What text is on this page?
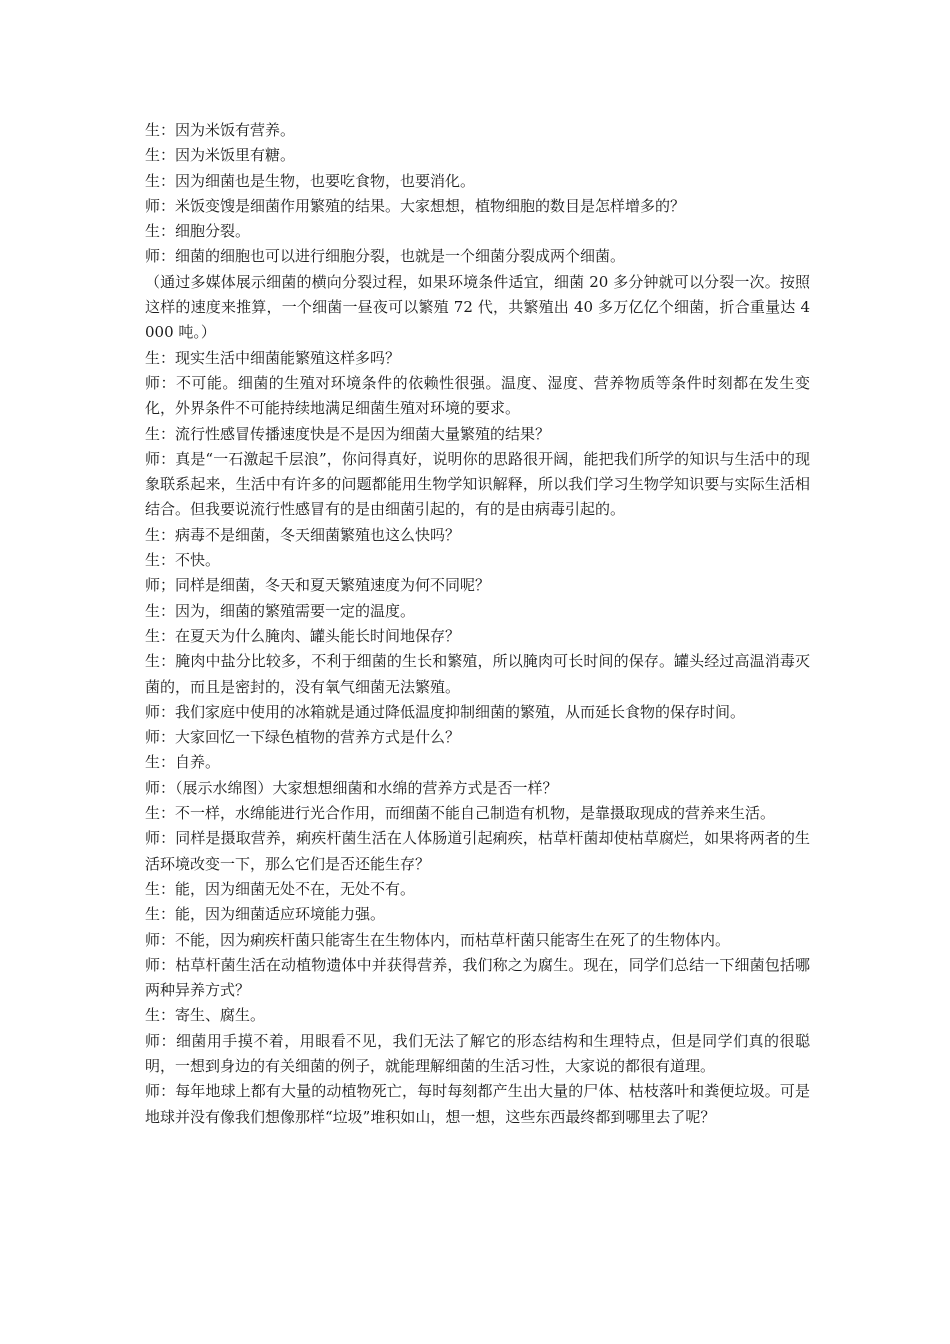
生：因为米饭有营养。

生：因为米饭里有糖。

生：因为细菌也是生物，也要吃食物，也要消化。

师：米饭变馊是细菌作用繁殖的结果。大家想想，植物细胞的数目是怎样增多的？

生：细胞分裂。

师：细菌的细胞也可以进行细胞分裂，也就是一个细菌分裂成两个细菌。

（通过多媒体展示细菌的横向分裂过程，如果环境条件适宜，细菌 20 多分钟就可以分裂一次。按照这样的速度来推算，一个细菌一昼夜可以繁殖 72 代，共繁殖出 40 多万亿亿个细菌，折合重量达 4000 吨。）

生：现实生活中细菌能繁殖这样多吗？

师：不可能。细菌的生殖对环境条件的依赖性很强。温度、湿度、营养物质等条件时刻都在发生变化，外界条件不可能持续地满足细菌生殖对环境的要求。

生：流行性感冒传播速度快是不是因为细菌大量繁殖的结果？

师：真是“一石激起千层浪”，你问得真好，说明你的思路很开阔，能把我们所学的知识与生活中的现象联系起来，生活中有许多的问题都能用生物学知识解释，所以我们学习生物学知识要与实际生活相结合。但我要说流行性感冒有的是由细菌引起的，有的是由病毒引起的。

生：病毒不是细菌，冬天细菌繁殖也这么快吗？

生：不快。

师；同样是细菌，冬天和夏天繁殖速度为何不同呢？

生：因为，细菌的繁殖需要一定的温度。

生：在夏天为什么腌肉、罐头能长时间地保存？

生：腌肉中盐分比较多，不利于细菌的生长和繁殖，所以腌肉可长时间的保存。罐头经过高温消毒灭菌的，而且是密封的，没有氧气细菌无法繁殖。

师：我们家庭中使用的冰箱就是通过降低温度抑制细菌的繁殖，从而延长食物的保存时间。

师：大家回忆一下绿色植物的营养方式是什么？

生：自养。

师：（展示水绵图）大家想想细菌和水绵的营养方式是否一样？

生：不一样，水绵能进行光合作用，而细菌不能自己制造有机物，是靠摄取现成的营养来生活。

师：同样是摄取营养，痢疾杆菌生活在人体肠道引起痢疾，枯草杆菌却使枯草腐烂，如果将两者的生活环境改变一下，那么它们是否还能生存？

生：能，因为细菌无处不在，无处不有。

生：能，因为细菌适应环境能力强。

师：不能，因为痢疾杆菌只能寄生在生物体内，而枯草杆菌只能寄生在死了的生物体内。

师：枯草杆菌生活在动植物遗体中并获得营养，我们称之为腐生。现在，同学们总结一下细菌包括哪两种异养方式？

生：寄生、腐生。

师：细菌用手摸不着，用眼看不见，我们无法了解它的形态结构和生理特点，但是同学们真的很聪明，一想到身边的有关细菌的例子，就能理解细菌的生活习性，大家说的都很有道理。

师：每年地球上都有大量的动植物死亡，每时每刻都产生出大量的尸体、枯枝落叶和粪便垃圾。可是地球并没有像我们想像那样“垃圾”堆积如山，想一想，这些东西最终都到哪里去了呢？
